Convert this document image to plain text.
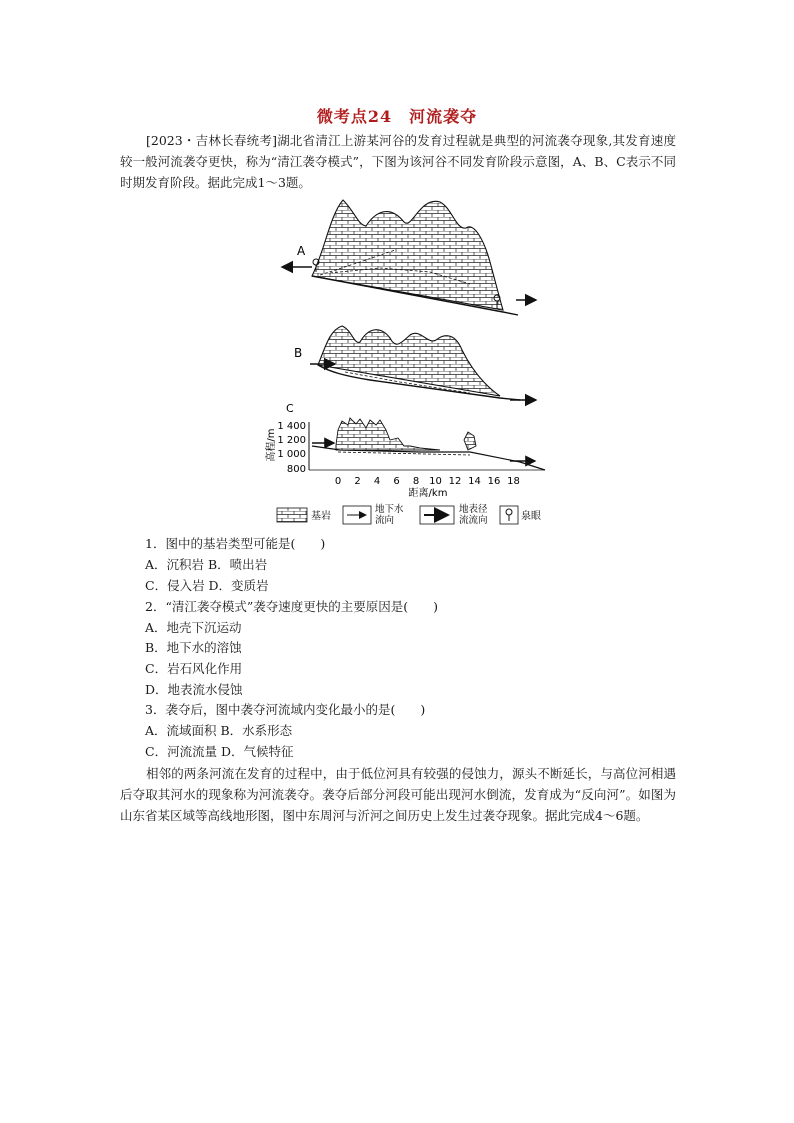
微考点24　河流袭夺
[2023・吉林长春统考]湖北省清江上游某河谷的发育过程就是典型的河流袭夺现象,其发育速度较一般河流袭夺更快，称为“清江袭夺模式”，下图为该河谷不同发育阶段示意图，A、B、C表示不同时期发育阶段。据此完成1～3题。
A
B
C
高程/m
1 400
1 200
1 000
800
0 2 4 6 8 10 12 14 16 18
距离/km
基岩
地下水
流向
地表径
流流向	泉眼
1．图中的基岩类型可能是(　　)
A．沉积岩 B．喷出岩
C．侵入岩 D．变质岩
2．“清江袭夺模式”袭夺速度更快的主要原因是(　　)
A．地壳下沉运动
B．地下水的溶蚀
C．岩石风化作用
D．地表流水侵蚀
3．袭夺后，图中袭夺河流域内变化最小的是(　　)
A．流域面积 B．水系形态
C．河流流量 D．气候特征
相邻的两条河流在发育的过程中，由于低位河具有较强的侵蚀力，源头不断延长，与高位河相遇后夺取其河水的现象称为河流袭夺。袭夺后部分河段可能出现河水倒流，发育成为“反向河”。如图为山东省某区域等高线地形图，图中东周河与沂河之间历史上发生过袭夺现象。据此完成4～6题。
